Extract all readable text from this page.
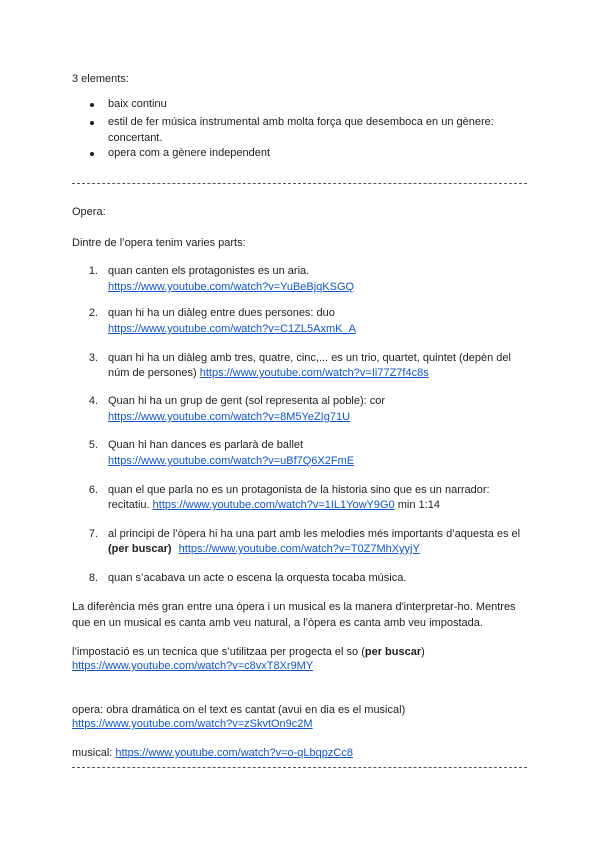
3 elements:
baix continu
estil de fer música instrumental amb molta força que desemboca en un gènere:
concertant.
opera com a gènere independent
Opera:
Dintre de l’opera tenim varies parts:
1. quan canten els protagonistes es un aria.
https://www.youtube.com/watch?v=YuBeBjqKSGQ
2. quan hi ha un diàleg entre dues persones: duo
https://www.youtube.com/watch?v=C1ZL5AxmK_A
3. quan hi ha un diàleg amb tres, quatre, cinc,... es un trio, quartet, quintet (depèn del
núm de persones) https://www.youtube.com/watch?v=Ii77Z7f4c8s
4. Quan hi ha un grup de gent (sol representa al poble): cor
https://www.youtube.com/watch?v=8M5YeZIg71U
5. Quan hi han dances es parlarà de ballet
https://www.youtube.com/watch?v=uBf7Q6X2FmE
6. quan el que parla no es un protagonista de la historia sino que es un narrador:
recitatiu. https://www.youtube.com/watch?v=1IL1YowY9G0 min 1:14
7. al principi de l’òpera hi ha una part amb les melodies més importants d’aquesta es el
(per buscar) https://www.youtube.com/watch?v=T0Z7MhXyyjY
8. quan s’acabava un acte o escena la orquesta tocaba música.
La diferència més gran entre una òpera i un musical es la manera d'interpretar-ho. Mentres
que en un musical es canta amb veu natural, a l’òpera es canta amb veu impostada.
l’impostació es un tecnica que s’utilitzaa per progecta el so (per buscar)
https://www.youtube.com/watch?v=c8vxT8Xr9MY
opera: obra dramática on el text es cantat (avui en dia es el musical)
https://www.youtube.com/watch?v=zSkvtOn9c2M
musical: https://www.youtube.com/watch?v=o-qLbqpzCc8
